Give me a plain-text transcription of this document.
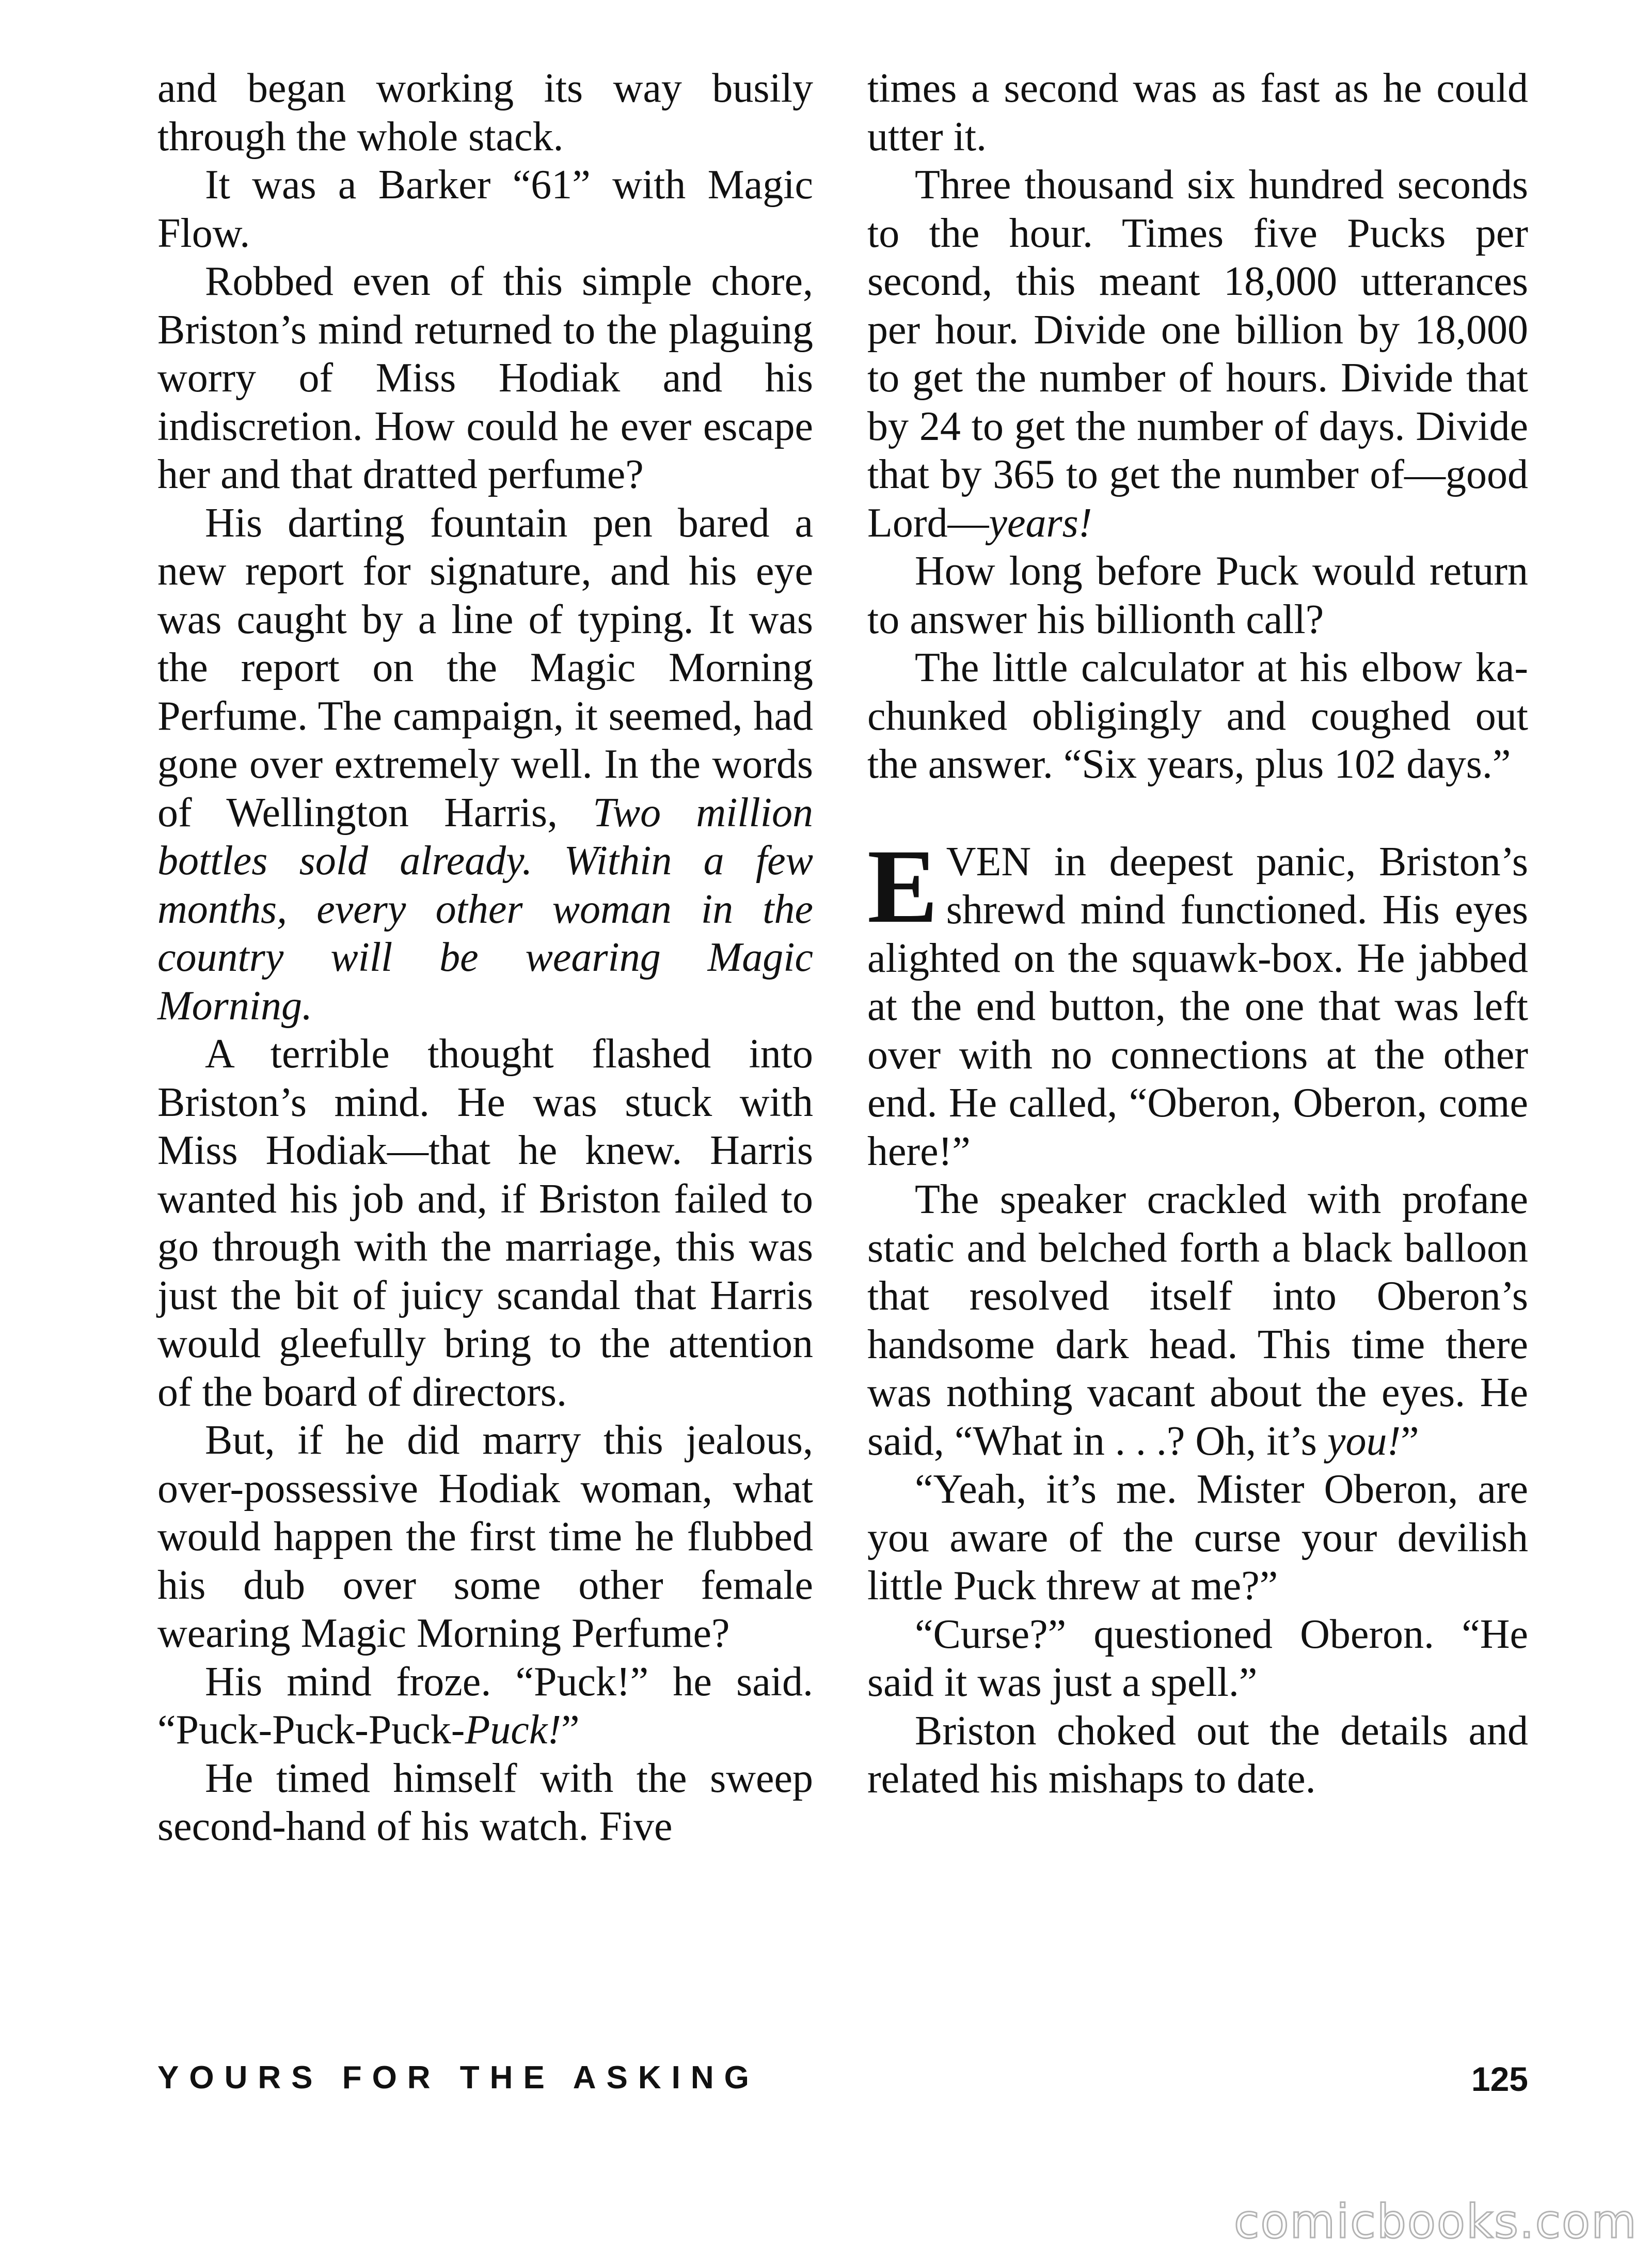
and began working its way busily through the whole stack.

It was a Barker “61” with Magic Flow.

Robbed even of this simple chore, Briston’s mind returned to the plaguing worry of Miss Hodiak and his indiscretion. How could he ever escape her and that dratted perfume?

His darting fountain pen bared a new report for signature, and his eye was caught by a line of typing. It was the report on the Magic Morning Perfume. The campaign, it seemed, had gone over extremely well. In the words of Wellington Harris, Two million bottles sold already. Within a few months, every other woman in the country will be wearing Magic Morning.

A terrible thought flashed into Briston’s mind. He was stuck with Miss Hodiak—that he knew. Harris wanted his job and, if Briston failed to go through with the marriage, this was just the bit of juicy scandal that Harris would gleefully bring to the attention of the board of directors.

But, if he did marry this jealous, over-possessive Hodiak woman, what would happen the first time he flubbed his dub over some other female wearing Magic Morning Perfume?

His mind froze. “Puck!” he said. “Puck-Puck-Puck-Puck!”

He timed himself with the sweep second-hand of his watch. Five

times a second was as fast as he could utter it.

Three thousand six hundred seconds to the hour. Times five Pucks per second, this meant 18,000 utterances per hour. Divide one billion by 18,000 to get the number of hours. Divide that by 24 to get the number of days. Divide that by 365 to get the number of—good Lord—years!

How long before Puck would return to answer his billionth call?

The little calculator at his elbow ka-chunked obligingly and coughed out the answer. “Six years, plus 102 days.”

EVEN in deepest panic, Briston’s shrewd mind functioned. His eyes alighted on the squawk-box. He jabbed at the end button, the one that was left over with no connections at the other end. He called, “Oberon, Oberon, come here!”

The speaker crackled with profane static and belched forth a black balloon that resolved itself into Oberon’s handsome dark head. This time there was nothing vacant about the eyes. He said, “What in . . .? Oh, it’s you!”

“Yeah, it’s me. Mister Oberon, are you aware of the curse your devilish little Puck threw at me?”

“Curse?” questioned Oberon. “He said it was just a spell.”

Briston choked out the details and related his mishaps to date.

YOURS FOR THE ASKING	125
comicbooks.com
